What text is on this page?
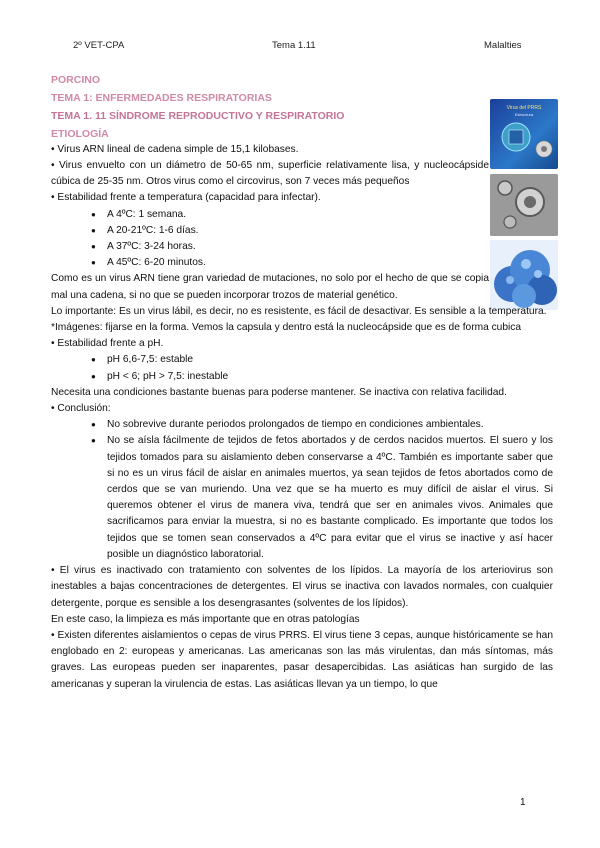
2º VET-CPA	Tema 1.11	Malalties
Virus del PRRS
Estructura
PORCINO
TEMA 1: ENFERMEDADES RESPIRATORIAS
TEMA 1. 11 SÍNDROME REPRODUCTIVO Y RESPIRATORIO
ETIOLOGÍA

• Virus ARN lineal de cadena simple de 15,1 kilobases.

• Virus envuelto con un diámetro de 50-65 nm, superficie relativamente lisa, y nucleocápside cúbica de 25-35 nm. Otros virus como el circovirus, son 7 veces más pequeños

• Estabilidad frente a temperatura (capacidad para infectar).

● A 4ºC: 1 semana.
● A 20-21ºC: 1-6 días.
● A 37ºC: 3-24 horas.
● A 45ºC: 6-20 minutos.

Como es un virus ARN tiene gran variedad de mutaciones, no solo por el hecho de que se copia mal una cadena, si no que se pueden incorporar trozos de material genético.

Lo importante: Es un virus lábil, es decir, no es resistente, es fácil de desactivar. Es sensible a la temperatura.

*Imágenes: fijarse en la forma. Vemos la capsula y dentro está la nucleocápside que es de forma cubica

• Estabilidad frente a pH.

● pH 6,6-7,5: estable
● pH < 6; pH > 7,5: inestable

Necesita una condiciones bastante buenas para poderse mantener. Se inactiva con relativa facilidad.

• Conclusión:

● No sobrevive durante periodos prolongados de tiempo en condiciones ambientales.
● No se aísla fácilmente de tejidos de fetos abortados y de cerdos nacidos muertos. El suero y los tejidos tomados para su aislamiento deben conservarse a 4ºC. También es importante saber que si no es un virus fácil de aislar en animales muertos, ya sean tejidos de fetos abortados como de cerdos que se van muriendo. Una vez que se ha muerto es muy difícil de aislar el virus. Si queremos obtener el virus de manera viva, tendrá que ser en animales vivos. Animales que sacrificamos para enviar la muestra, si no es bastante complicado. Es importante que todos los tejidos que se tomen sean conservados a 4ºC para evitar que el virus se inactive y así hacer posible un diagnóstico laboratorial.

• El virus es inactivado con tratamiento con solventes de los lípidos. La mayoría de los arteriovirus son inestables a bajas concentraciones de detergentes. El virus se inactiva con lavados normales, con cualquier detergente, porque es sensible a los desengrasantes (solventes de los lípidos).

En este caso, la limpieza es más importante que en otras patologías

• Existen diferentes aislamientos o cepas de virus PRRS. El virus tiene 3 cepas, aunque históricamente se han englobado en 2: europeas y americanas. Las americanas son las más virulentas, dan más síntomas, más graves. Las europeas pueden ser inaparentes, pasar desapercibidas. Las asiáticas han surgido de las americanas y superan la virulencia de estas. Las asiáticas llevan ya un tiempo, lo que

1
